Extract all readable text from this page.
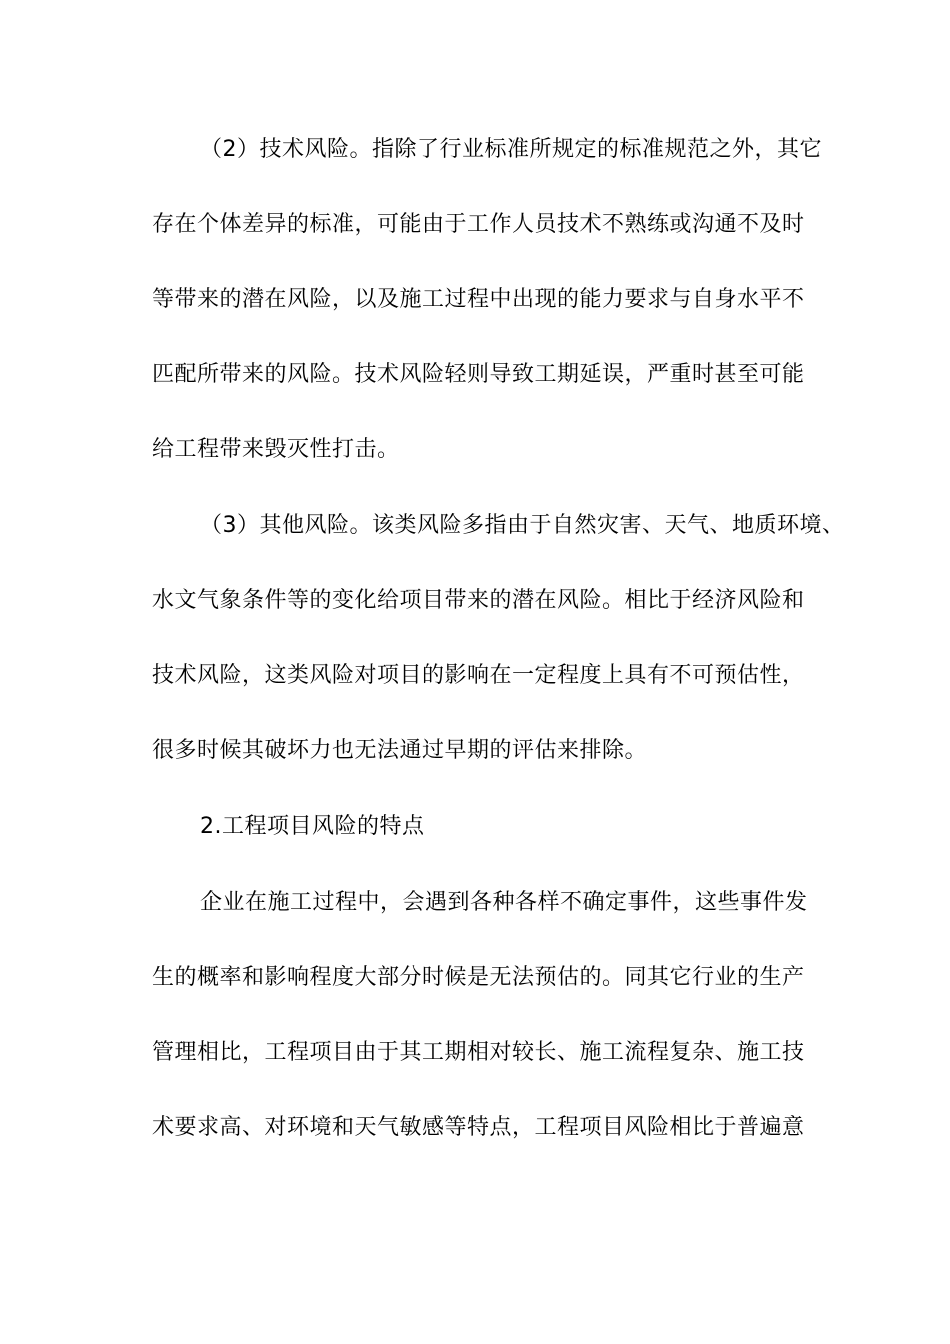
（2）技术风险。指除了行业标准所规定的标准规范之外，其它
存在个体差异的标准，可能由于工作人员技术不熟练或沟通不及时
等带来的潜在风险，以及施工过程中出现的能力要求与自身水平不
匹配所带来的风险。技术风险轻则导致工期延误，严重时甚至可能
给工程带来毁灭性打击。
（3）其他风险。该类风险多指由于自然灾害、天气、地质环境、
水文气象条件等的变化给项目带来的潜在风险。相比于经济风险和
技术风险，这类风险对项目的影响在一定程度上具有不可预估性，
很多时候其破坏力也无法通过早期的评估来排除。
2.工程项目风险的特点
企业在施工过程中，会遇到各种各样不确定事件，这些事件发
生的概率和影响程度大部分时候是无法预估的。同其它行业的生产
管理相比，工程项目由于其工期相对较长、施工流程复杂、施工技
术要求高、对环境和天气敏感等特点，工程项目风险相比于普遍意
